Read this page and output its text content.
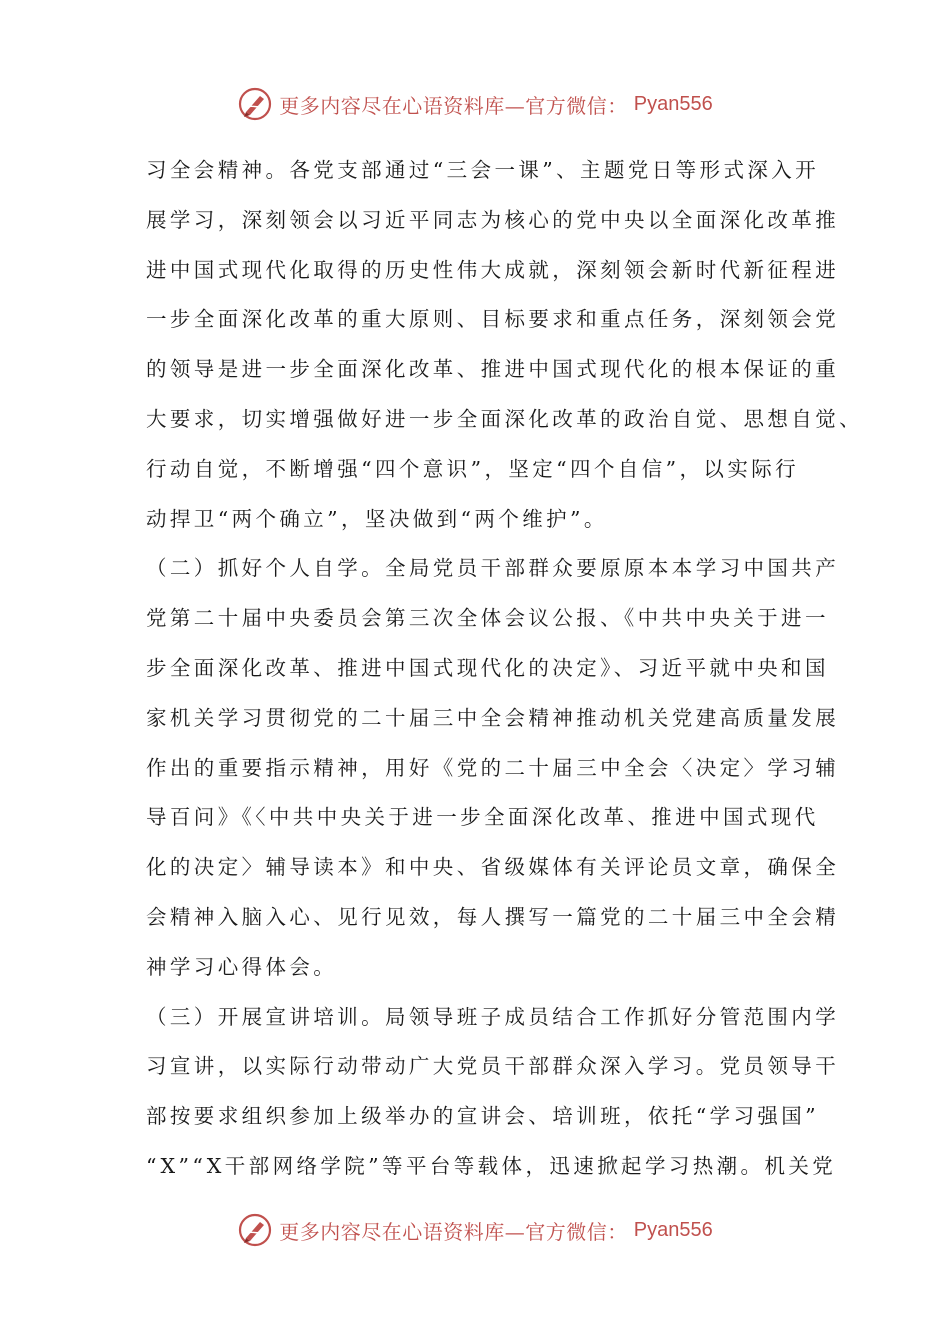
更多内容尽在心语资料库—官方微信： Pyan556
习全会精神。各党支部通过“三会一课”、主题党日等形式深入开
展学习，深刻领会以习近平同志为核心的党中央以全面深化改革推
进中国式现代化取得的历史性伟大成就，深刻领会新时代新征程进
一步全面深化改革的重大原则、目标要求和重点任务，深刻领会党
的领导是进一步全面深化改革、推进中国式现代化的根本保证的重
大要求，切实增强做好进一步全面深化改革的政治自觉、思想自觉、
行动自觉，不断增强“四个意识”，坚定“四个自信”，以实际行
动捍卫“两个确立”，坚决做到“两个维护”。
（二）抓好个人自学。全局党员干部群众要原原本本学习中国共产
党第二十届中央委员会第三次全体会议公报、《中共中央关于进一
步全面深化改革、推进中国式现代化的决定》、习近平就中央和国
家机关学习贯彻党的二十届三中全会精神推动机关党建高质量发展
作出的重要指示精神，用好《党的二十届三中全会〈决定〉学习辅
导百问》《〈中共中央关于进一步全面深化改革、推进中国式现代
化的决定〉辅导读本》和中央、省级媒体有关评论员文章，确保全
会精神入脑入心、见行见效，每人撰写一篇党的二十届三中全会精
神学习心得体会。
（三）开展宣讲培训。局领导班子成员结合工作抓好分管范围内学
习宣讲，以实际行动带动广大党员干部群众深入学习。党员领导干
部按要求组织参加上级举办的宣讲会、培训班，依托“学习强国”
“X”“X干部网络学院”等平台等载体，迅速掀起学习热潮。机关党
更多内容尽在心语资料库—官方微信： Pyan556
